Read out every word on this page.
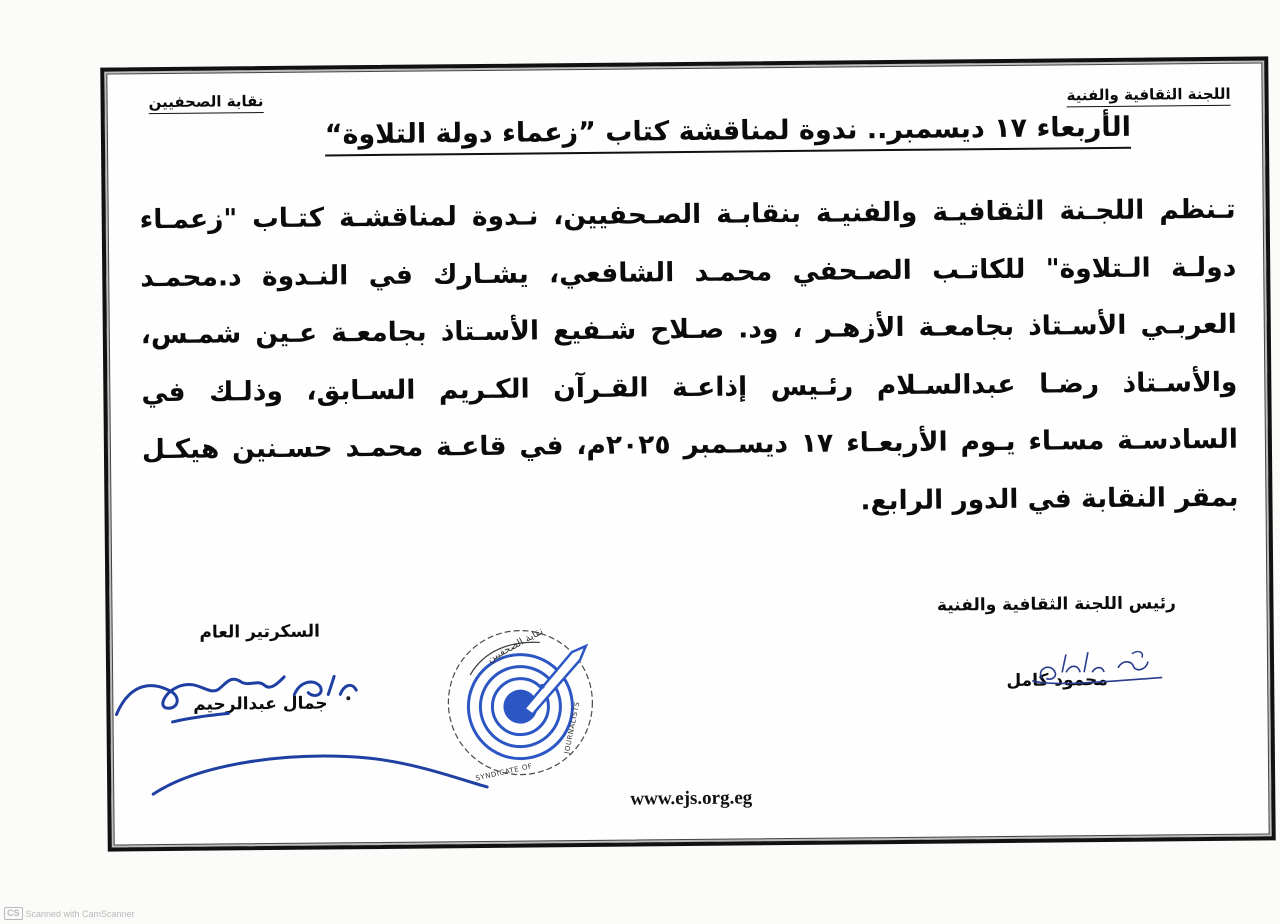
اللجنة الثقافية والفنية
نقابة الصحفيين
الأربعاء ١٧ ديسمبر.. ندوة لمناقشة كتاب ”زعماء دولة التلاوة“
تـنظم اللجـنة الثقافيـة والفنيـة بنقابـة الصـحفيين، نـدوة لمناقشـة كتـاب "زعمـاء
دولـة الـتلاوة" للكاتـب الصـحفي محمـد الشافعي، يشـارك في النـدوة د.محمـد
العربـي الأسـتاذ بجامعـة الأزهـر ، ود. صـلاح شـفيع الأسـتاذ بجامعـة عـين شمـس،
والأسـتاذ رضـا عبدالسـلام رئـيس إذاعـة القـرآن الكـريم السـابق، وذلـك في
السادسـة مسـاء يـوم الأربعـاء ١٧ ديسـمبر ٢٠٢٥م، في قاعـة محمـد حسـنين هيكـل
بمقر النقابة في الدور الرابع.
رئيس اللجنة الثقافية والفنية
محمود كامل
السكرتير العام
جمال عبدالرحيم
نقابة الصحفيين
SYNDICATE OF
JOURNALISTS
www.ejs.org.eg
CS Scanned with CamScanner
